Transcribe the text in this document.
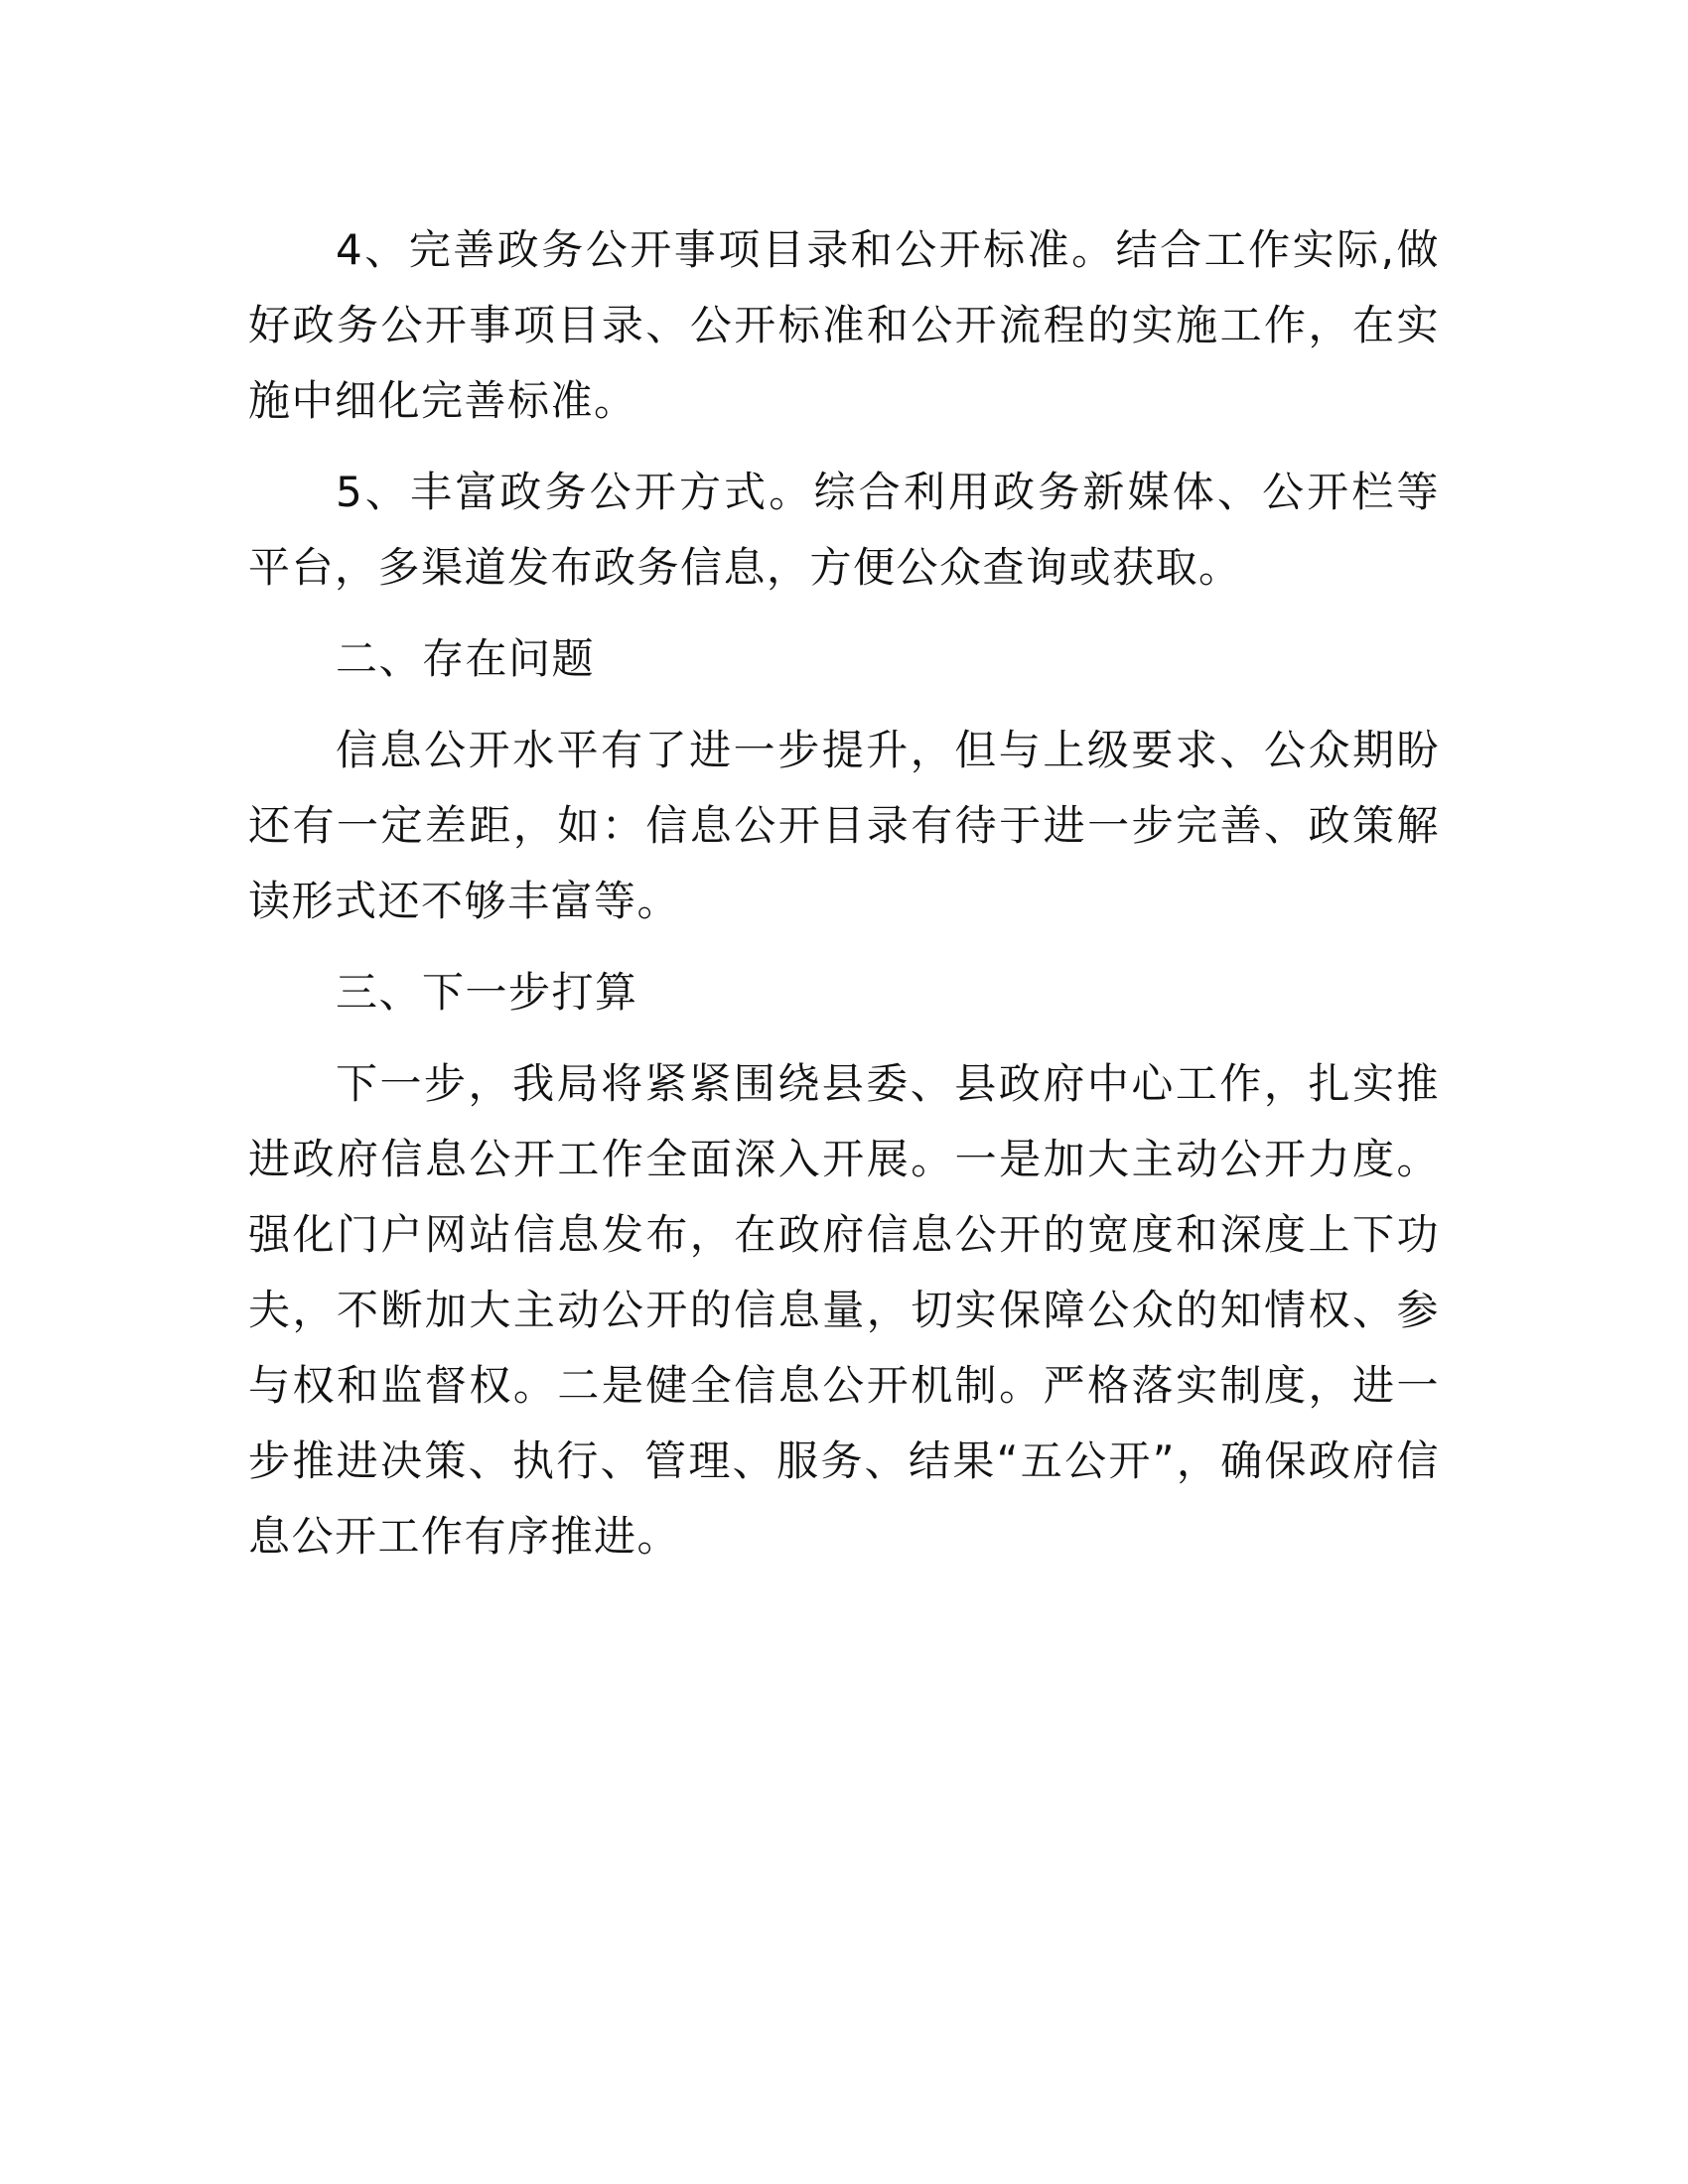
4、完善政务公开事项目录和公开标准。结合工作实际,做好政务公开事项目录、公开标准和公开流程的实施工作，在实施中细化完善标准。

5、丰富政务公开方式。综合利用政务新媒体、公开栏等平台，多渠道发布政务信息，方便公众查询或获取。

二、存在问题

信息公开水平有了进一步提升，但与上级要求、公众期盼还有一定差距，如：信息公开目录有待于进一步完善、政策解读形式还不够丰富等。

三、下一步打算

下一步，我局将紧紧围绕县委、县政府中心工作，扎实推进政府信息公开工作全面深入开展。一是加大主动公开力度。强化门户网站信息发布，在政府信息公开的宽度和深度上下功夫，不断加大主动公开的信息量，切实保障公众的知情权、参与权和监督权。二是健全信息公开机制。严格落实制度，进一步推进决策、执行、管理、服务、结果“五公开”，确保政府信息公开工作有序推进。
